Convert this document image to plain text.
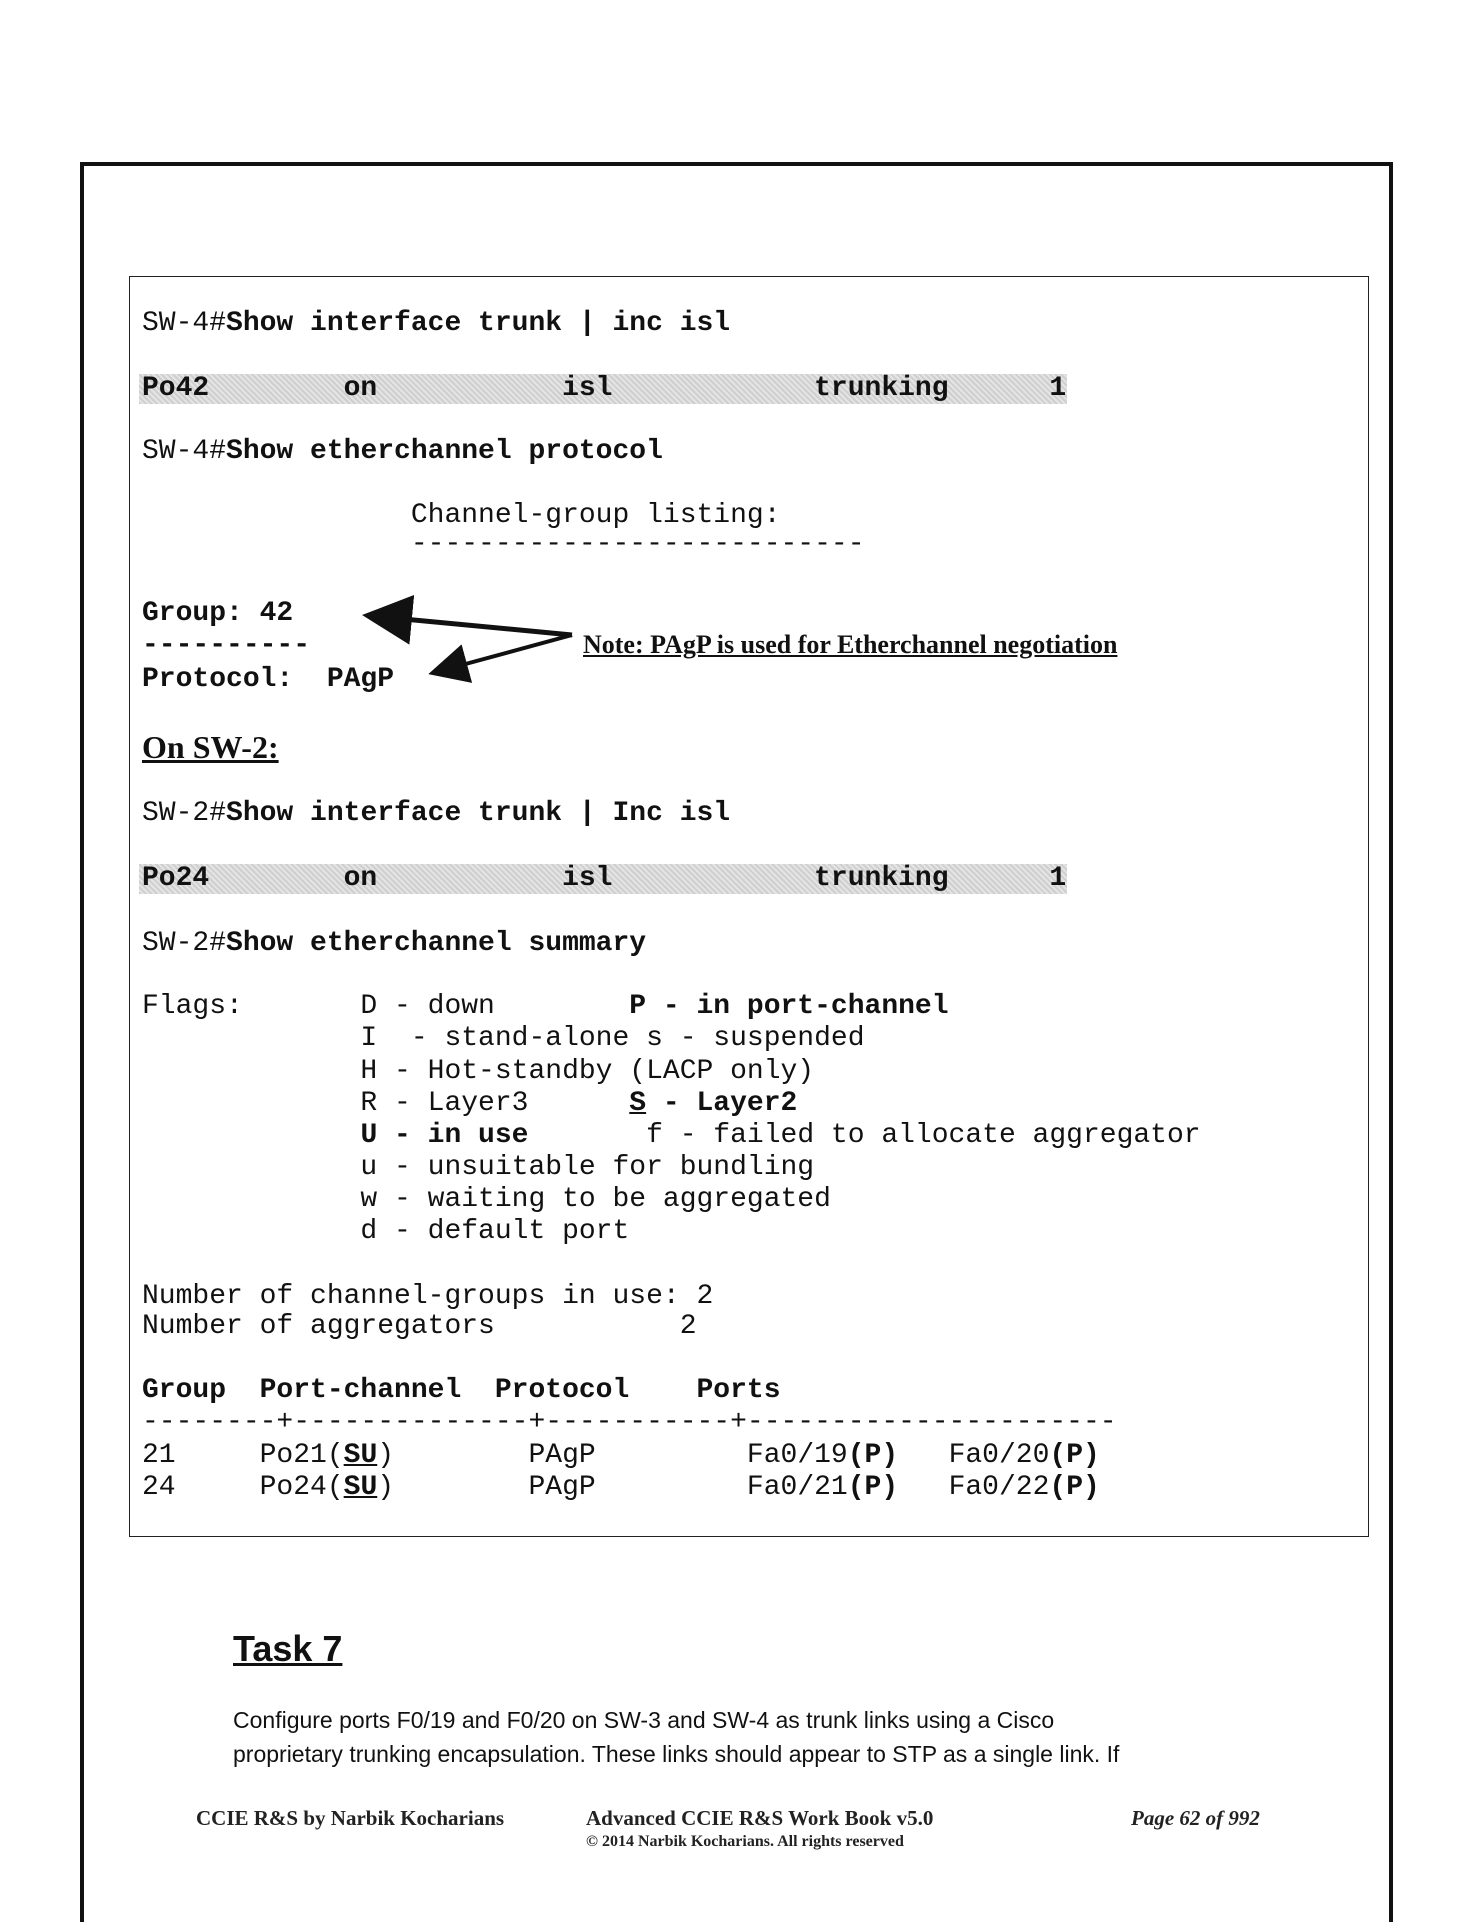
SW-4#Show interface trunk | inc isl
Po42        on           isl            trunking      1
SW-4#Show etherchannel protocol
Channel-group listing:
---------------------------
Group: 42
----------
Protocol:  PAgP
SW-2#Show interface trunk | Inc isl
Po24        on           isl            trunking      1
SW-2#Show etherchannel summary
Flags:       D - down        P - in port-channel
I  - stand-alone s - suspended
H - Hot-standby (LACP only)
R - Layer3      S - Layer2
U - in use       f - failed to allocate aggregator
u - unsuitable for bundling
w - waiting to be aggregated
d - default port
Number of channel-groups in use: 2
Number of aggregators           2
Group  Port-channel  Protocol    Ports
--------+--------------+-----------+----------------------
21     Po21(SU)        PAgP         Fa0/19(P)   Fa0/20(P)
24     Po24(SU)        PAgP         Fa0/21(P)   Fa0/22(P)
Note: PAgP is used for Etherchannel negotiation
On SW-2:
Task 7
Configure ports F0/19 and F0/20 on SW-3 and SW-4 as trunk links using a Cisco
proprietary trunking encapsulation. These links should appear to STP as a single link. If
CCIE R&S by Narbik Kocharians	Advanced CCIE R&S Work Book v5.0
© 2014 Narbik Kocharians. All rights reserved
Page 62 of 992
